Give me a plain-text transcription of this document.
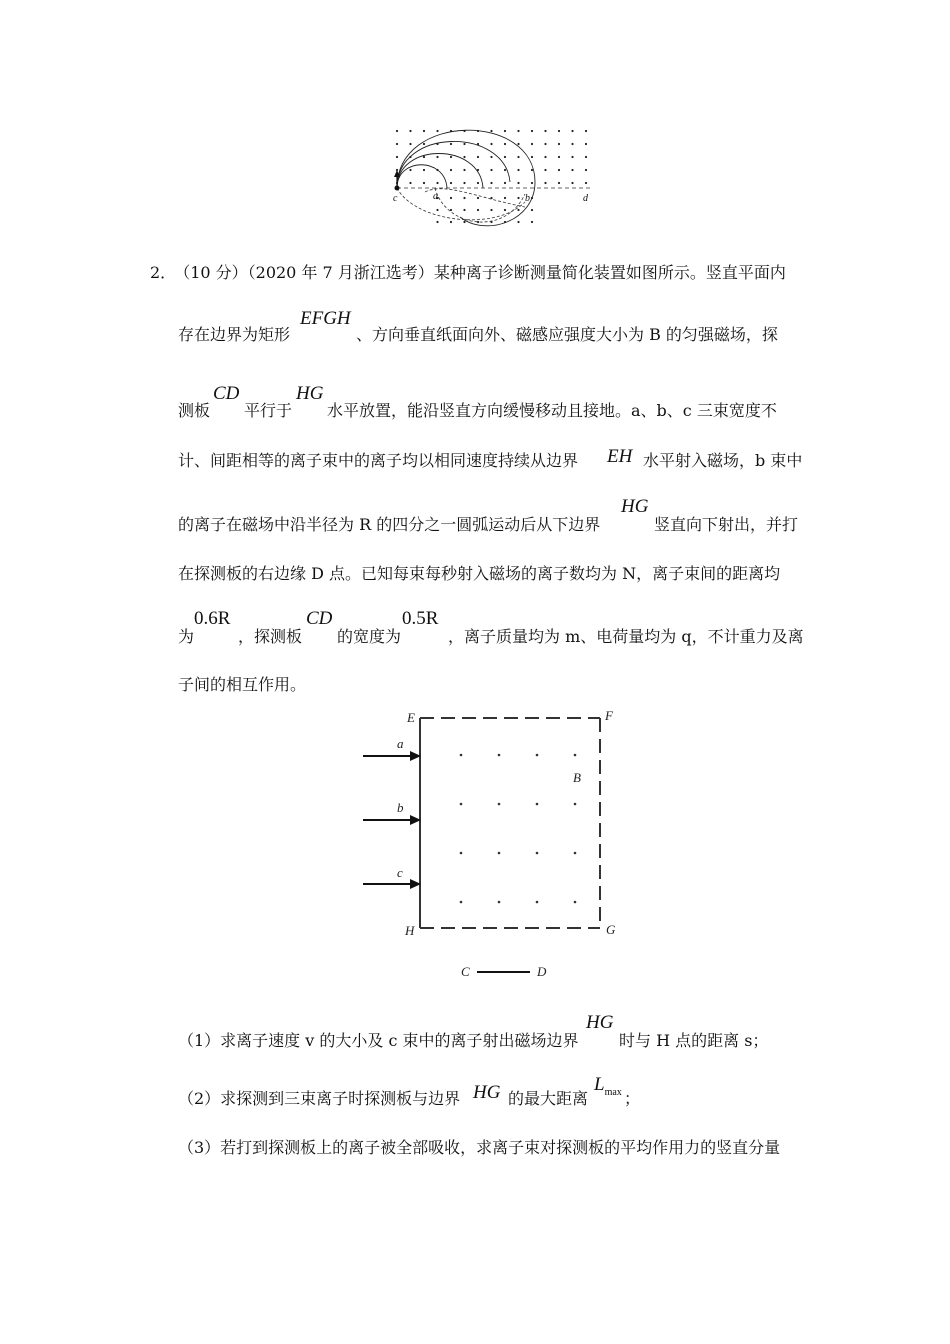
c	a	b	d
2． （10 分）（2020 年 7 月浙江选考）某种离子诊断测量简化装置如图所示。竖直平面内
存在边界为矩形
EFGH
、方向垂直纸面向外、磁感应强度大小为 B 的匀强磁场，探
测板
CD
平行于
HG
水平放置，能沿竖直方向缓慢移动且接地。a、b、c 三束宽度不
计、间距相等的离子束中的离子均以相同速度持续从边界 EH 水平射入磁场，b 束中
的离子在磁场中沿半径为 R 的四分之一圆弧运动后从下边界
HG
竖直向下射出，并打
在探测板的右边缘 D 点。已知每束每秒射入磁场的离子数均为 N，离子束间的距离均
为
0.6R
，探测板
CD
的宽度为
0.5R
，离子质量均为 m、电荷量均为 q，不计重力及离
子间的相互作用。
a
b
c
E	F
B
H	G
C	D
（1）求离子速度 v 的大小及 c 束中的离子射出磁场边界
HG
时与 H 点的距离 s；
（2）求探测到三束离子时探测板与边界 HG 的最大距离
$L_{max}$ ；
（3）若打到探测板上的离子被全部吸收，求离子束对探测板的平均作用力的竖直分量
